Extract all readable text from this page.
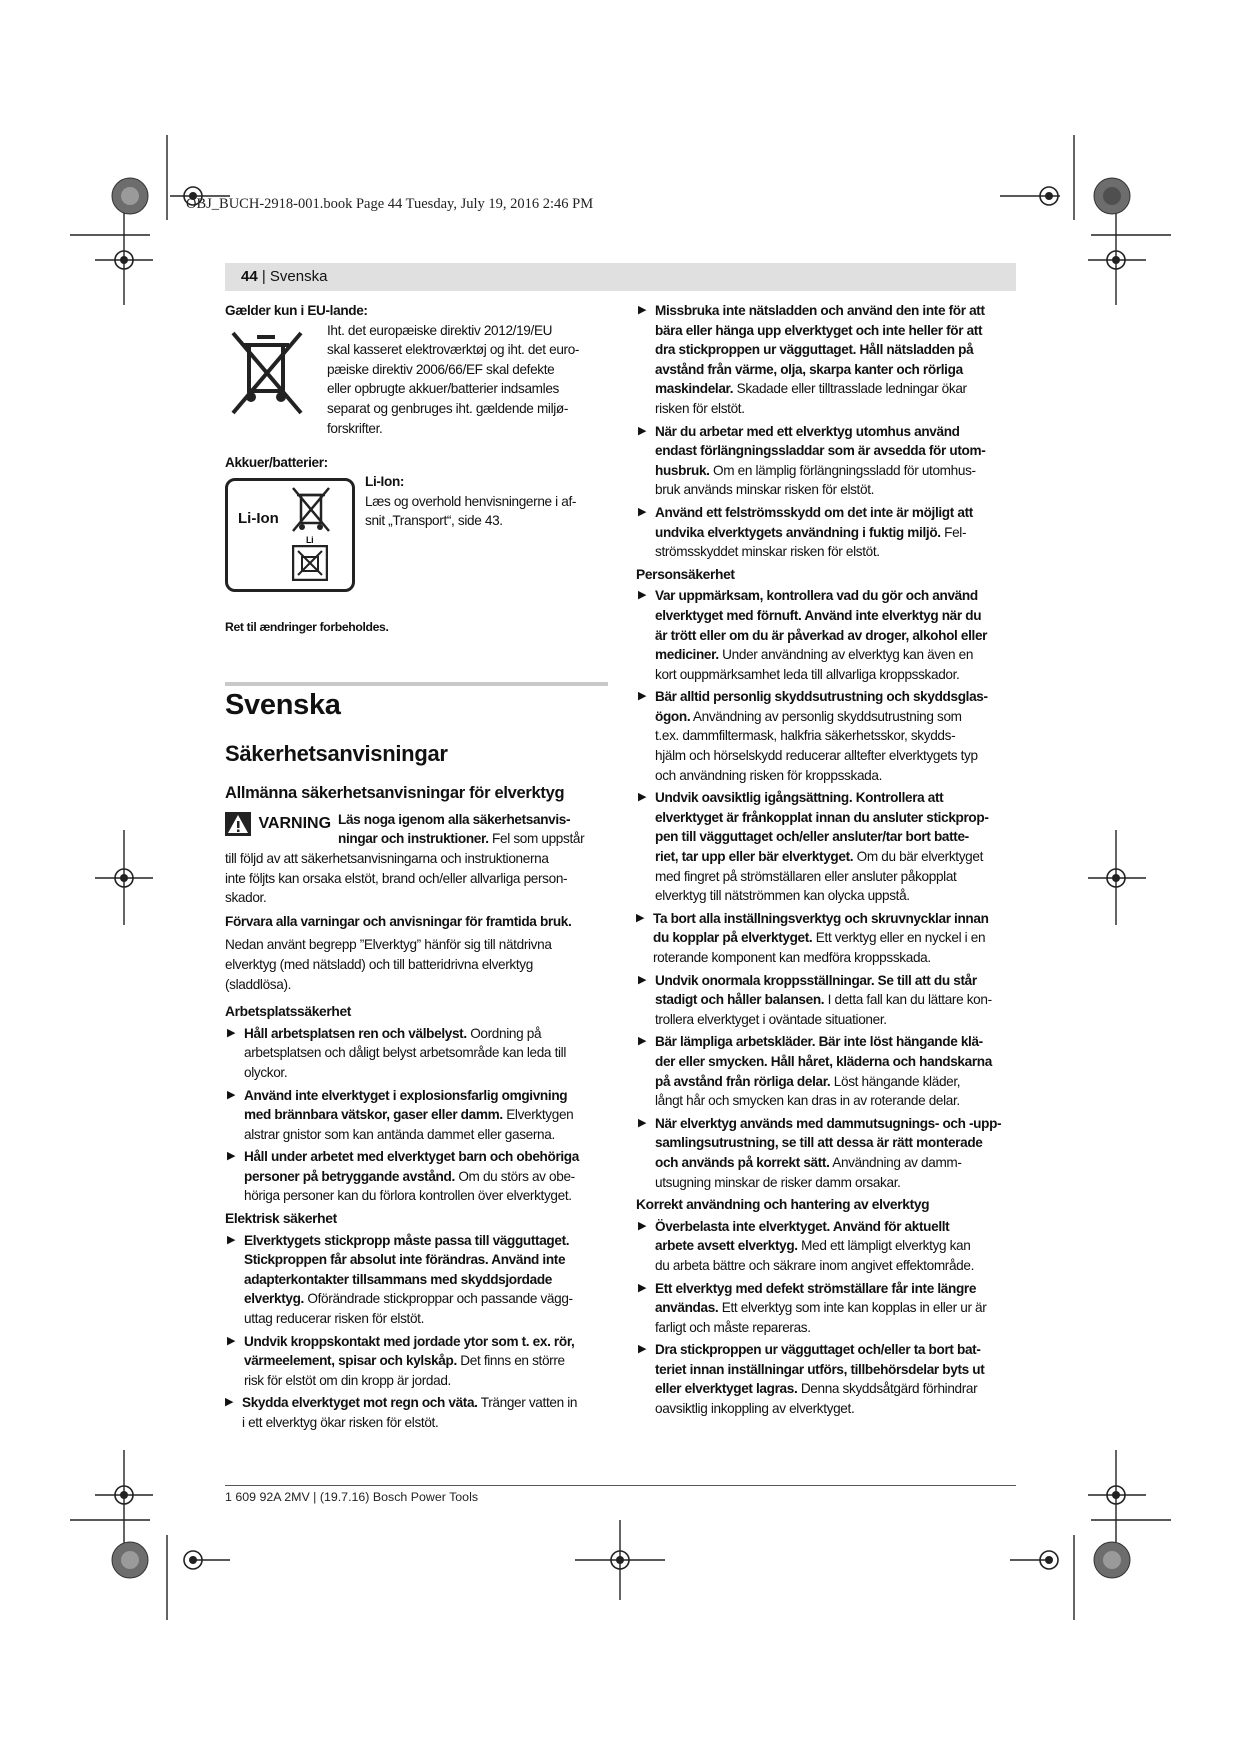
OBJ_BUCH-2918-001.book Page 44 Tuesday, July 19, 2016 2:46 PM
44 | Svenska

Gælder kun i EU-lande:

Iht. det europæiske direktiv 2012/19/EU

skal kasseret elektroværktøj og iht. det euro-

pæiske direktiv 2006/66/EF skal defekte

eller opbrugte akkuer/batterier indsamles

separat og genbruges iht. gældende miljø-

forskrifter.

Akkuer/batterier:

Li-Ion
Li

Li-Ion:

Læs og overhold henvisningerne i af-

snit „Transport“, side 43.

Ret til ændringer forbeholdes.

Svenska

Säkerhetsanvisningar

Allmänna säkerhetsanvisningar för elverktyg

VARNING Läs noga igenom alla säkerhetsanvis-

ningar och instruktioner. Fel som uppstår

till följd av att säkerhetsanvisningarna och instruktionerna

inte följts kan orsaka elstöt, brand och/eller allvarliga person-

skador.

Förvara alla varningar och anvisningar för framtida bruk.

Nedan använt begrepp ”Elverktyg” hänför sig till nätdrivna

elverktyg (med nätsladd) och till batteridrivna elverktyg

(sladdlösa).

Arbetsplatssäkerhet

▶ Håll arbetsplatsen ren och välbelyst. Oordning på

arbetsplatsen och dåligt belyst arbetsområde kan leda till

olyckor.

▶ Använd inte elverktyget i explosionsfarlig omgivning

med brännbara vätskor, gaser eller damm. Elverktygen

alstrar gnistor som kan antända dammet eller gaserna.

▶ Håll under arbetet med elverktyget barn och obehöriga

personer på betryggande avstånd. Om du störs av obe-

höriga personer kan du förlora kontrollen över elverktyget.

Elektrisk säkerhet

▶ Elverktygets stickpropp måste passa till vägguttaget.

Stickproppen får absolut inte förändras. Använd inte

adapterkontakter tillsammans med skyddsjordade

elverktyg. Oförändrade stickproppar och passande vägg-

uttag reducerar risken för elstöt.

▶ Undvik kroppskontakt med jordade ytor som t. ex. rör,

värmeelement, spisar och kylskåp. Det finns en större

risk för elstöt om din kropp är jordad.

▶ Skydda elverktyget mot regn och väta. Tränger vatten in

i ett elverktyg ökar risken för elstöt.

▶ Missbruka inte nätsladden och använd den inte för att

bära eller hänga upp elverktyget och inte heller för att

dra stickproppen ur vägguttaget. Håll nätsladden på

avstånd från värme, olja, skarpa kanter och rörliga

maskindelar. Skadade eller tilltrasslade ledningar ökar

risken för elstöt.

▶ När du arbetar med ett elverktyg utomhus använd

endast förlängningssladdar som är avsedda för utom-

husbruk. Om en lämplig förlängningssladd för utomhus-

bruk används minskar risken för elstöt.

▶ Använd ett felströmsskydd om det inte är möjligt att

undvika elverktygets användning i fuktig miljö. Fel-

strömsskyddet minskar risken för elstöt.

Personsäkerhet

▶ Var uppmärksam, kontrollera vad du gör och använd

elverktyget med förnuft. Använd inte elverktyg när du

är trött eller om du är påverkad av droger, alkohol eller

mediciner. Under användning av elverktyg kan även en

kort ouppmärksamhet leda till allvarliga kroppsskador.

▶ Bär alltid personlig skyddsutrustning och skyddsglas-

ögon. Användning av personlig skyddsutrustning som

t.ex. dammfiltermask, halkfria säkerhetsskor, skydds-

hjälm och hörselskydd reducerar alltefter elverktygets typ

och användning risken för kroppsskada.

▶ Undvik oavsiktlig igångsättning. Kontrollera att

elverktyget är frånkopplat innan du ansluter stickprop-

pen till vägguttaget och/eller ansluter/tar bort batte-

riet, tar upp eller bär elverktyget. Om du bär elverktyget

med fingret på strömställaren eller ansluter påkopplat

elverktyg till nätströmmen kan olycka uppstå.

▶ Ta bort alla inställningsverktyg och skruvnycklar innan

du kopplar på elverktyget. Ett verktyg eller en nyckel i en

roterande komponent kan medföra kroppsskada.

▶ Undvik onormala kroppsställningar. Se till att du står

stadigt och håller balansen. I detta fall kan du lättare kon-

trollera elverktyget i oväntade situationer.

▶ Bär lämpliga arbetskläder. Bär inte löst hängande klä-

der eller smycken. Håll håret, kläderna och handskarna

på avstånd från rörliga delar. Löst hängande kläder,

långt hår och smycken kan dras in av roterande delar.

▶ När elverktyg används med dammutsugnings- och -upp-

samlingsutrustning, se till att dessa är rätt monterade

och används på korrekt sätt. Användning av damm-

utsugning minskar de risker damm orsakar.

Korrekt användning och hantering av elverktyg

▶ Överbelasta inte elverktyget. Använd för aktuellt

arbete avsett elverktyg. Med ett lämpligt elverktyg kan

du arbeta bättre och säkrare inom angivet effektområde.

▶ Ett elverktyg med defekt strömställare får inte längre

användas. Ett elverktyg som inte kan kopplas in eller ur är

farligt och måste repareras.

▶ Dra stickproppen ur vägguttaget och/eller ta bort bat-

teriet innan inställningar utförs, tillbehörsdelar byts ut

eller elverktyget lagras. Denna skyddsåtgärd förhindrar

oavsiktlig inkoppling av elverktyget.

1 609 92A 2MV | (19.7.16) Bosch Power Tools
